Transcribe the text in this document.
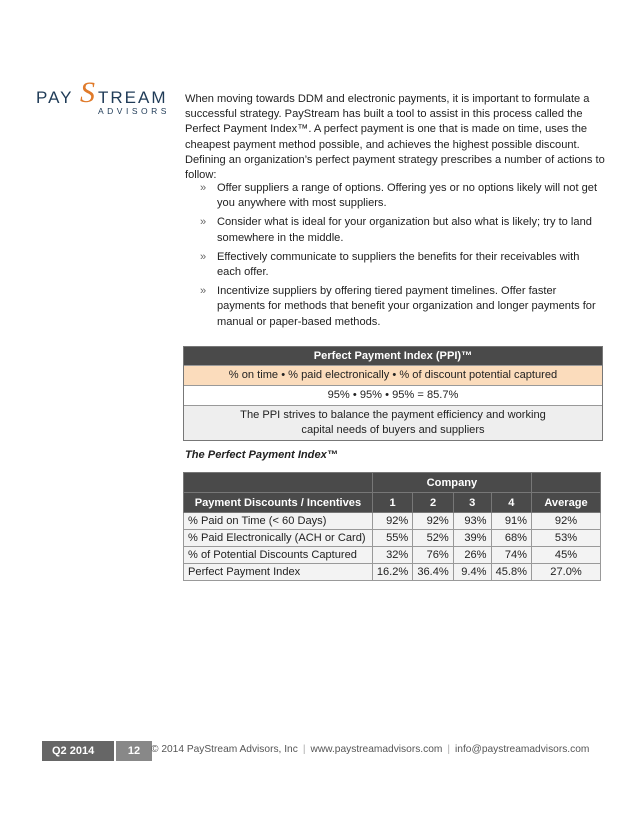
PAY S TREAM
ADVISORS

When moving towards DDM and electronic payments, it is important to formulate a successful strategy. PayStream has built a tool to assist in this process called the Perfect Payment Index™. A perfect payment is one that is made on time, uses the cheapest payment method possible, and achieves the highest possible discount. Defining an organization’s perfect payment strategy prescribes a number of actions to follow:

» Offer suppliers a range of options. Offering yes or no options likely will not get you anywhere with most suppliers.
» Consider what is ideal for your organization but also what is likely; try to land somewhere in the middle.
» Effectively communicate to suppliers the benefits for their receivables with each offer.
» Incentivize suppliers by offering tiered payment timelines. Offer faster payments for methods that benefit your organization and longer payments for manual or paper-based methods.
Perfect Payment Index (PPI)™
% on time • % paid electronically • % of discount potential captured
95% • 95% • 95% = 85.7%
The PPI strives to balance the payment efficiency and working
capital needs of buyers and suppliers

The Perfect Payment Index™

	Company				
Payment Discounts / Incentives	1	2	3	4	Average
% Paid on Time (< 60 Days)	92%	92%	93%	91%	92%
% Paid Electronically (ACH or Card)	55%	52%	39%	68%	53%
% of Potential Discounts Captured	32%	76%	26%	74%	45%
Perfect Payment Index	16.2%	36.4%	9.4%	45.8%	27.0%
Q2 2014	12	© 2014 PayStream Advisors, Inc | www.paystreamadvisors.com | info@paystreamadvisors.com
